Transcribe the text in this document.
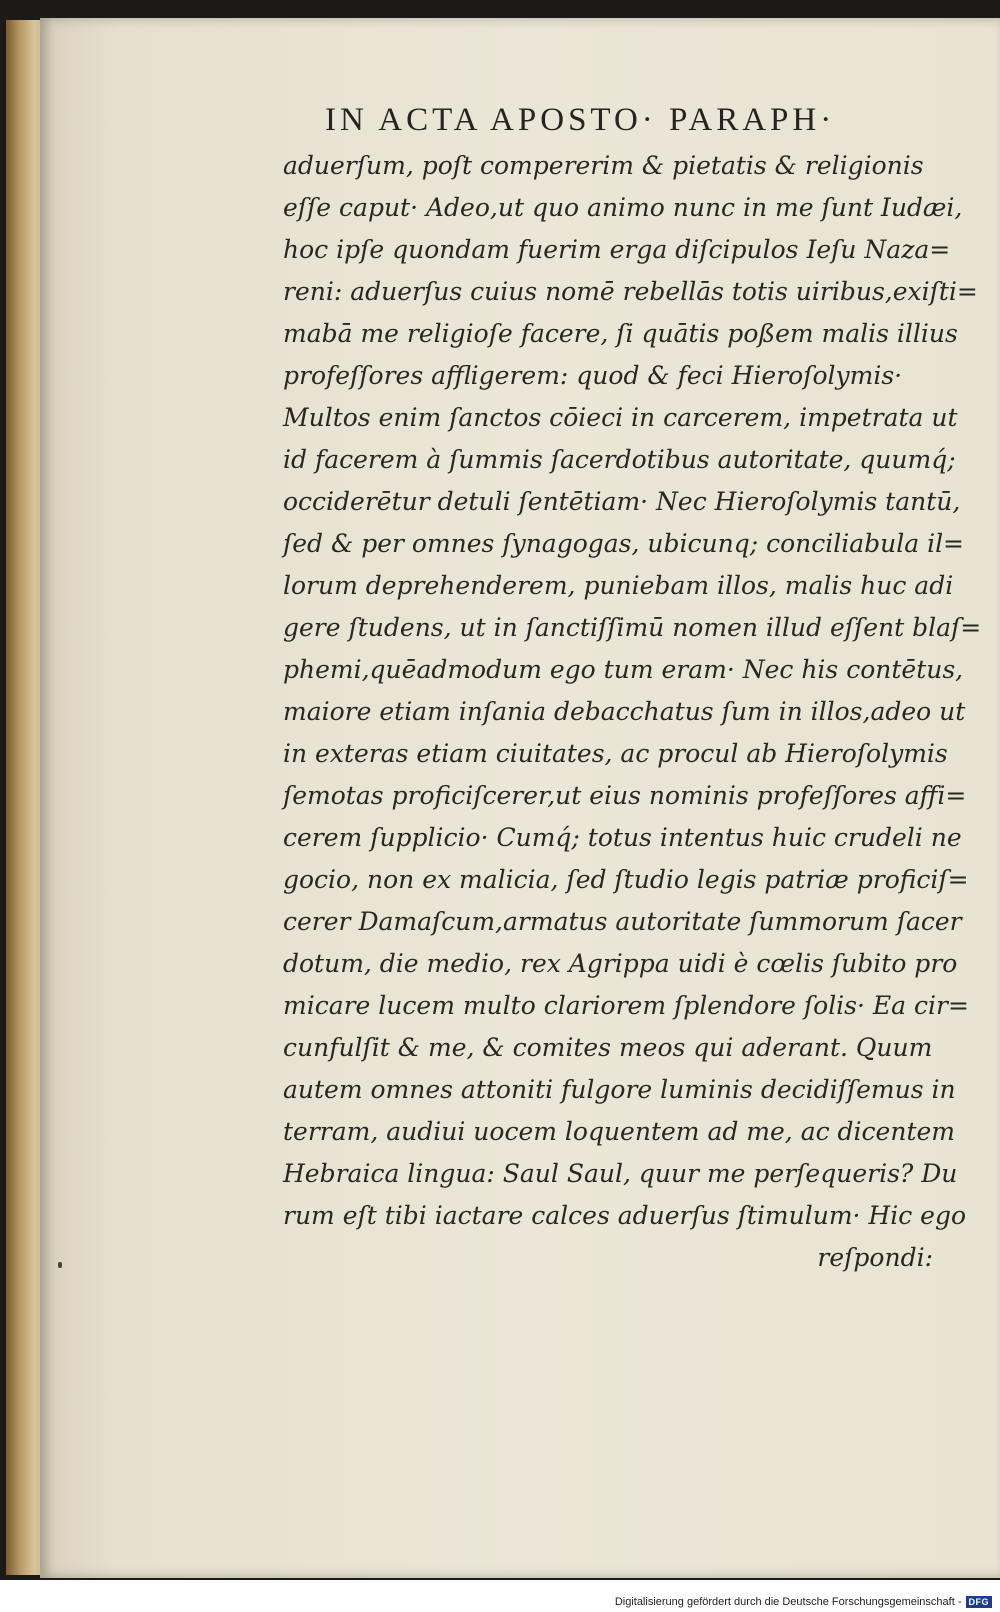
IN ACTA APOSTO· PARAPH·
aduerſum, poſt compererim & pietatis & religionis
eſſe caput· Adeo,ut quo animo nunc in me ſunt Iudæi,
hoc ipſe quondam fuerim erga diſcipulos Ieſu Naza=
reni: aduerſus cuius nomē rebellās totis uiribus,exiſti=
mabā me religioſe facere, ſi quātis poßem malis illius
profeſſores affligerem: quod & feci Hieroſolymis·
Multos enim ſanctos cōieci in carcerem, impetrata ut
id facerem à ſummis ſacerdotibus autoritate, quumq́;
occiderētur detuli ſentētiam· Nec Hieroſolymis tantū,
ſed & per omnes ſynagogas, ubicunq; conciliabula il=
lorum deprehenderem, puniebam illos, malis huc adi
gere ſtudens, ut in ſanctiſſimū nomen illud eſſent blaſ=
phemi,quēadmodum ego tum eram· Nec his contētus,
maiore etiam inſania debacchatus ſum in illos,adeo ut
in exteras etiam ciuitates, ac procul ab Hieroſolymis
ſemotas proficiſcerer,ut eius nominis profeſſores affi=
cerem ſupplicio· Cumq́; totus intentus huic crudeli ne
gocio, non ex malicia, ſed ſtudio legis patriæ proficiſ=
cerer Damaſcum,armatus autoritate ſummorum ſacer
dotum, die medio, rex Agrippa uidi è cœlis ſubito pro
micare lucem multo clariorem ſplendore ſolis· Ea cir=
cunfulſit & me, & comites meos qui aderant. Quum
autem omnes attoniti fulgore luminis decidiſſemus in
terram, audiui uocem loquentem ad me, ac dicentem
Hebraica lingua: Saul Saul, quur me perſequeris? Du
rum eſt tibi iactare calces aduerſus ſtimulum· Hic ego
reſpondi:
Digitalisierung gefördert durch die Deutsche Forschungsgemeinschaft - DFG
